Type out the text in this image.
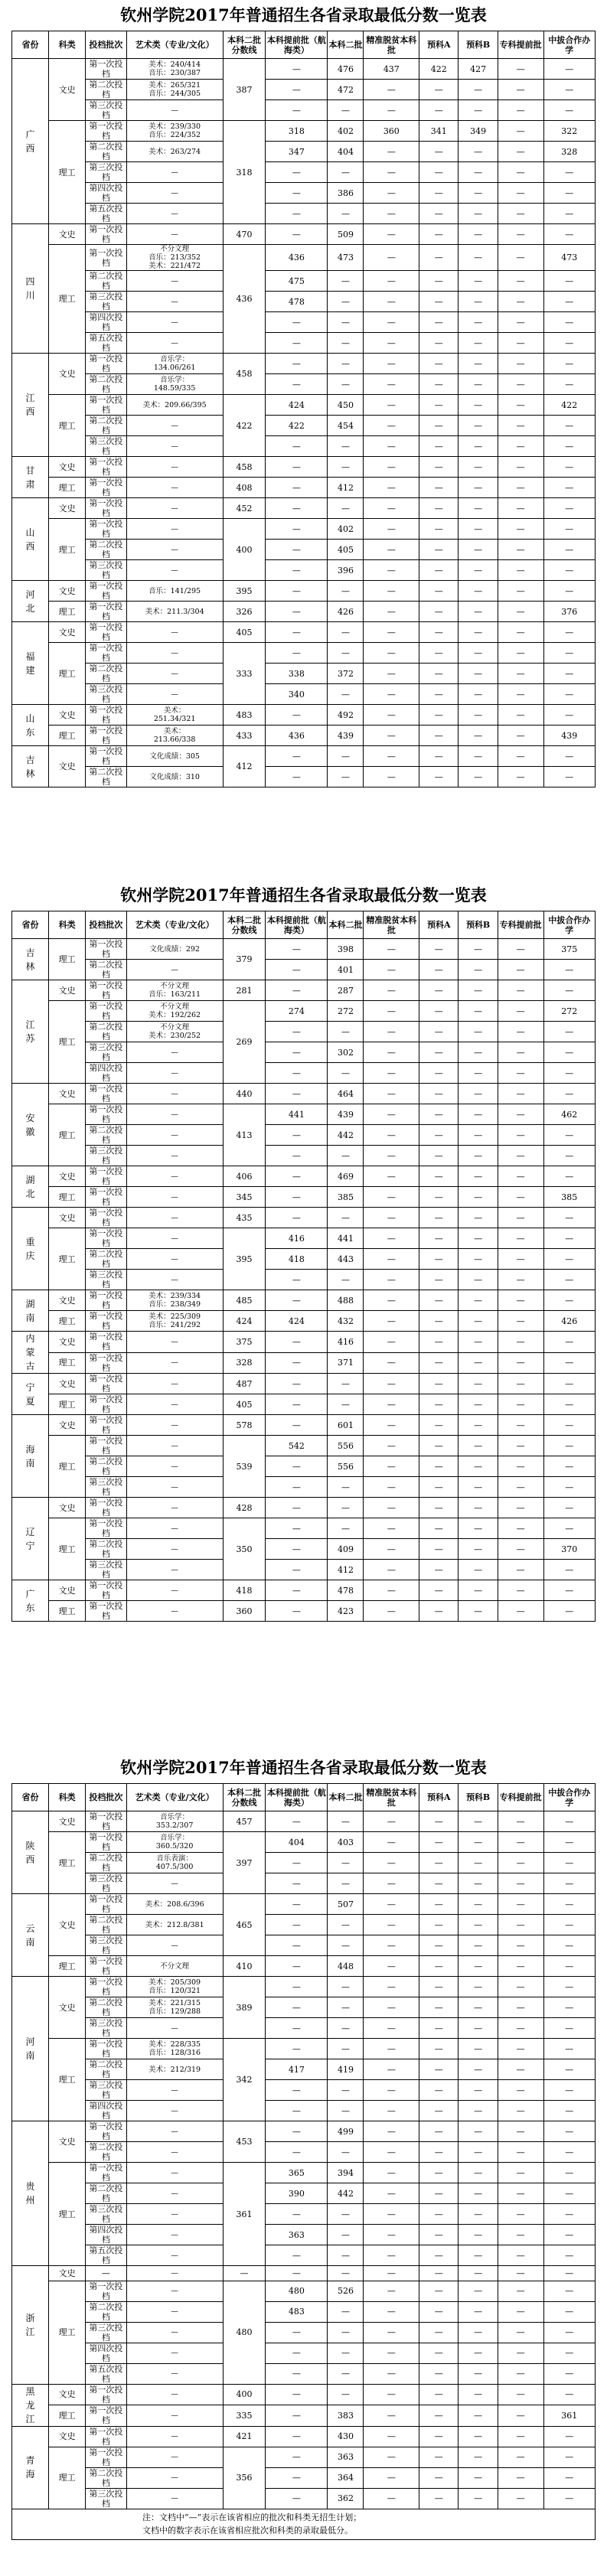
钦州学院2017年普通招生各省录取最低分数一览表
省份	科类	投档批次	艺术类（专业/文化）	本科二批分数线	本科提前批（航海类）	本科二批	精准脱贫本科批	预科A	预科B	专科提前批	中拔合作办学
广西	文史	第一次投档	美术：240/414
音乐：230/387	387	—	476	437	422	427	—	—
		第二次投档	美术：265/321
音乐：244/305		—	472	—	—	—	—	—
		第三次投档	—		—	—	—	—	—	—	—
	理工	第一次投档	美术：239/330
音乐：224/352	318	318	402	360	341	349	—	322
		第二次投档	美术：263/274		347	404	—	—	—	—	328
		第三次投档	—		—	—	—	—	—	—	—
		第四次投档	—		—	386	—	—	—	—	—
		第五次投档	—		—	—	—	—	—	—	—
四川	文史	第一次投档	—	470	—	509	—	—	—	—	—
	理工	第一次投档	不分文理
音乐：213/352
美术：221/472	436	436	473	—	—	—	—	473
		第二次投档	—		475	—	—	—	—	—	—
		第三次投档	—		478	—	—	—	—	—	—
		第四次投档	—		—	—	—	—	—	—	—
		第五次投档	—		—	—	—	—	—	—	—
江西	文史	第一次投档	音乐学：
134.06/261	458	—	—	—	—	—	—	—
		第二次投档	音乐学：
148.59/335		—	—	—	—	—	—	—
	理工	第一次投档	美术：209.66/395	422	424	450	—	—	—	—	422
		第二次投档	—		422	454	—	—	—	—	—
		第三次投档	—		—	—	—	—	—	—	—
甘肃	文史	第一次投档	—	458	—	—	—	—	—	—	—
	理工	第一次投档	—	408	—	412	—	—	—	—	—
山西	文史	第一次投档	—	452	—	—	—	—	—	—	—
	理工	第一次投档	—	400	—	402	—	—	—	—	—
		第二次投档	—		—	405	—	—	—	—	—
		第三次投档	—		—	396	—	—	—	—	—
河北	文史	第一次投档	音乐：141/295	395	—	—	—	—	—	—	—
	理工	第一次投档	美术：211.3/304	326	—	426	—	—	—	—	376
福建	文史	第一次投档	—	405	—	—	—	—	—	—	—
	理工	第一次投档	—	333	—	—	—	—	—	—	—
		第二次投档	—		338	372	—	—	—	—	—
		第三次投档	—		340	—	—	—	—	—	—
山东	文史	第一次投档	美术：
251.34/321	483	—	492	—	—	—	—	—
	理工	第一次投档	美术：
213.66/338	433	436	439	—	—	—	—	439
吉林	文史	第一次投档	文化成绩：305	412	—	—	—	—	—	—	—
		第二次投档	文化成绩：310		—	—	—	—	—	—	—
钦州学院2017年普通招生各省录取最低分数一览表
省份	科类	投档批次	艺术类（专业/文化）	本科二批分数线	本科提前批（航海类）	本科二批	精准脱贫本科批	预科A	预科B	专科提前批	中拔合作办学
吉林	理工	第一次投档	文化成绩：292	379	—	398	—	—	—	—	375
		第二次投档	—		—	401	—	—	—	—	—
江苏	文史	第一次投档	不分文理
音乐：163/211	281	—	287	—	—	—	—	—
	理工	第一次投档	不分文理
美术：192/262	269	274	272	—	—	—	—	272
		第二次投档	不分文理
美术：230/252		—	—	—	—	—	—	—
		第三次投档	—		—	302	—	—	—	—	—
		第四次投档	—		—	—	—	—	—	—	—
安徽	文史	第一次投档	—	440	—	464	—	—	—	—	—
	理工	第一次投档	—	413	441	439	—	—	—	—	462
		第二次投档	—		—	442	—	—	—	—	—
		第三次投档	—		—	—	—	—	—	—	—
湖北	文史	第一次投档	—	406	—	469	—	—	—	—	—
	理工	第一次投档	—	345	—	385	—	—	—	—	385
重庆	文史	第一次投档	—	435	—	—	—	—	—	—	—
	理工	第一次投档	—	395	416	441	—	—	—	—	—
		第二次投档	—		418	443	—	—	—	—	—
		第三次投档	—		—	—	—	—	—	—	—
湖南	文史	第一次投档	美术：239/334
音乐：238/349	485	—	488	—	—	—	—	—
	理工	第一次投档	美术：225/309
音乐：241/292	424	424	432	—	—	—	—	426
内蒙古	文史	第一次投档	—	375	—	416	—	—	—	—	—
	理工	第一次投档	—	328	—	371	—	—	—	—	—
宁夏	文史	第一次投档	—	487	—	—	—	—	—	—	—
	理工	第一次投档	—	405	—	—	—	—	—	—	—
海南	文史	第一次投档	—	578	—	601	—	—	—	—	—
	理工	第一次投档	—	539	542	556	—	—	—	—	—
		第二次投档	—		—	556	—	—	—	—	—
		第三次投档	—		—	—	—	—	—	—	—
辽宁	文史	第一次投档	—	428	—	—	—	—	—	—	—
	理工	第一次投档	—	350	—	—	—	—	—	—	—
		第二次投档	—		—	409	—	—	—	—	370
		第三次投档	—		—	412	—	—	—	—	—
广东	文史	第一次投档	—	418	—	478	—	—	—	—	—
	理工	第一次投档	—	360	—	423	—	—	—	—	—
钦州学院2017年普通招生各省录取最低分数一览表
省份	科类	投档批次	艺术类（专业/文化）	本科二批分数线	本科提前批（航海类）	本科二批	精准脱贫本科批	预科A	预科B	专科提前批	中拔合作办学
陕西	文史	第一次投档	音乐学：
353.2/307	457	—	—	—	—	—	—	—
	理工	第一次投档	音乐学：
360.5/320	397	404	403	—	—	—	—	—
		第二次投档	音乐表演：
407.5/300		—	—	—	—	—	—	—
		第三次投档	—		—	—	—	—	—	—	—
云南	文史	第一次投档	美术：208.6/396	465	—	507	—	—	—	—	—
		第二次投档	美术：212.8/381		—	—	—	—	—	—	—
		第三次投档	—		—	—	—	—	—	—	—
	理工	第一次投档	不分文理	410	—	448	—	—	—	—	—
河南	文史	第一次投档	美术：205/309
音乐：120/321	389	—	—	—	—	—	—	—
		第二次投档	美术：221/315
音乐：129/288		—	—	—	—	—	—	—
		第三次投档	—		—	—	—	—	—	—	—
	理工	第一次投档	美术：228/335
音乐：128/316	342	—	—	—	—	—	—	—
		第二次投档	美术：212/319		417	419	—	—	—	—	—
		第三次投档	—		—	—	—	—	—	—	—
		第四次投档	—		—	—	—	—	—	—	—
贵州	文史	第一次投档	—	453	—	499	—	—	—	—	—
		第二次投档	—		—	—	—	—	—	—	—
	理工	第一次投档	—	361	365	394	—	—	—	—	—
		第二次投档	—		390	442	—	—	—	—	—
		第三次投档	—		—	—	—	—	—	—	—
		第四次投档	—		363	—	—	—	—	—	—
		第五次投档	—		—	—	—	—	—	—	—
浙江	文史	—	—	—	—	—	—	—	—	—	—
	理工	第一次投档	—	480	480	526	—	—	—	—	—
		第二次投档	—		483	—	—	—	—	—	—
		第三次投档	—		—	—	—	—	—	—	—
		第四次投档	—		—	—	—	—	—	—	—
		第五次投档	—		—	—	—	—	—	—	—
黑龙江	文史	第一次投档	—	400	—	—	—	—	—	—	—
	理工	第一次投档	—	335	—	383	—	—	—	—	361
青海	文史	第一次投档	—	421	—	430	—	—	—	—	—
	理工	第一次投档	—	356	—	363	—	—	—	—	—
		第二次投档	—		—	364	—	—	—	—	—
		第三次投档	—		—	362	—	—	—	—	—

注：文档中“—”表示在该省相应的批次和科类无招生计划；
文档中的数字表示在该省相应批次和科类的录取最低分。											
